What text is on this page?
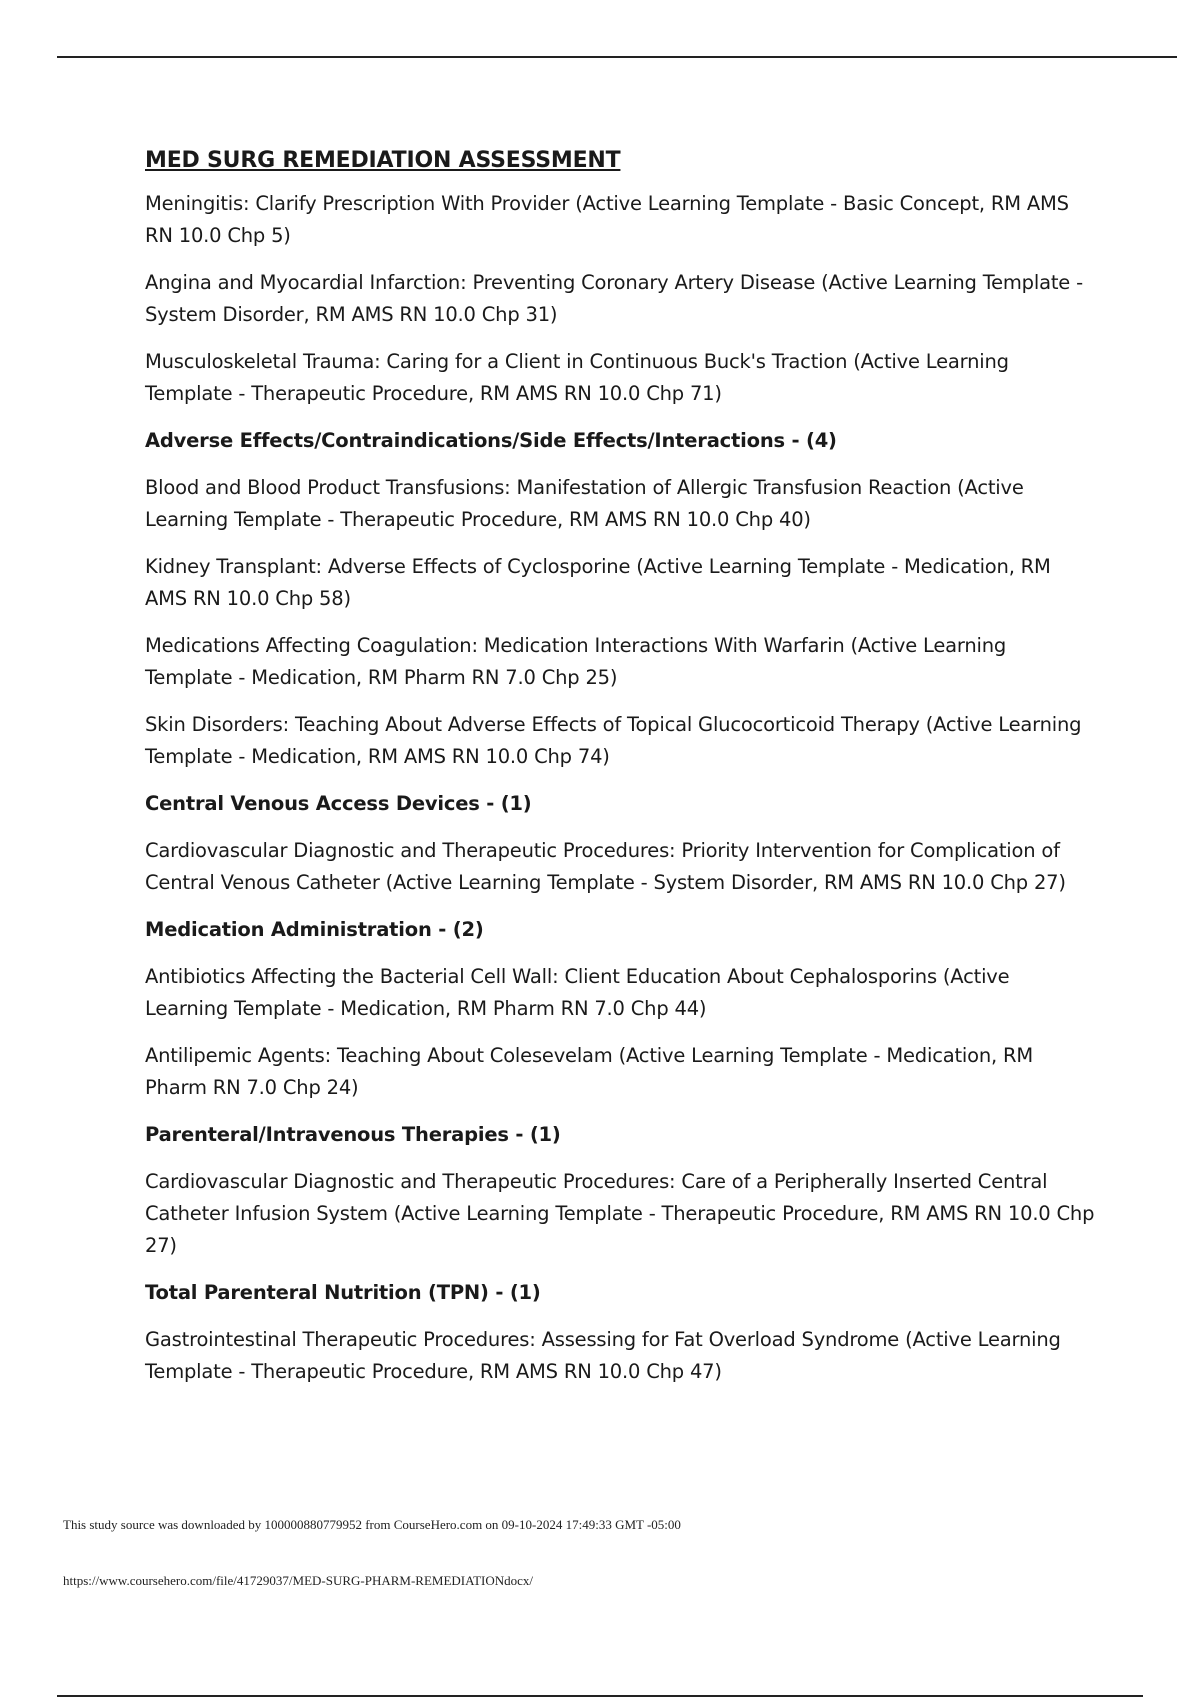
MED SURG REMEDIATION ASSESSMENT
Meningitis: Clarify Prescription With Provider (Active Learning Template - Basic Concept, RM AMS RN 10.0 Chp 5)
Angina and Myocardial Infarction: Preventing Coronary Artery Disease (Active Learning Template - System Disorder, RM AMS RN 10.0 Chp 31)
Musculoskeletal Trauma: Caring for a Client in Continuous Buck's Traction (Active Learning Template - Therapeutic Procedure, RM AMS RN 10.0 Chp 71)
Adverse Effects/Contraindications/Side Effects/Interactions - (4)
Blood and Blood Product Transfusions: Manifestation of Allergic Transfusion Reaction (Active Learning Template - Therapeutic Procedure, RM AMS RN 10.0 Chp 40)
Kidney Transplant: Adverse Effects of Cyclosporine (Active Learning Template - Medication, RM AMS RN 10.0 Chp 58)
Medications Affecting Coagulation: Medication Interactions With Warfarin (Active Learning Template - Medication, RM Pharm RN 7.0 Chp 25)
Skin Disorders: Teaching About Adverse Effects of Topical Glucocorticoid Therapy (Active Learning Template - Medication, RM AMS RN 10.0 Chp 74)
Central Venous Access Devices - (1)
Cardiovascular Diagnostic and Therapeutic Procedures: Priority Intervention for Complication of Central Venous Catheter (Active Learning Template - System Disorder, RM AMS RN 10.0 Chp 27)
Medication Administration - (2)
Antibiotics Affecting the Bacterial Cell Wall: Client Education About Cephalosporins (Active Learning Template - Medication, RM Pharm RN 7.0 Chp 44)
Antilipemic Agents: Teaching About Colesevelam (Active Learning Template - Medication, RM Pharm RN 7.0 Chp 24)
Parenteral/Intravenous Therapies - (1)
Cardiovascular Diagnostic and Therapeutic Procedures: Care of a Peripherally Inserted Central Catheter Infusion System (Active Learning Template - Therapeutic Procedure, RM AMS RN 10.0 Chp 27)
Total Parenteral Nutrition (TPN) - (1)
Gastrointestinal Therapeutic Procedures: Assessing for Fat Overload Syndrome (Active Learning Template - Therapeutic Procedure, RM AMS RN 10.0 Chp 47)
This study source was downloaded by 100000880779952 from CourseHero.com on 09-10-2024 17:49:33 GMT -05:00
https://www.coursehero.com/file/41729037/MED-SURG-PHARM-REMEDIATIONdocx/
